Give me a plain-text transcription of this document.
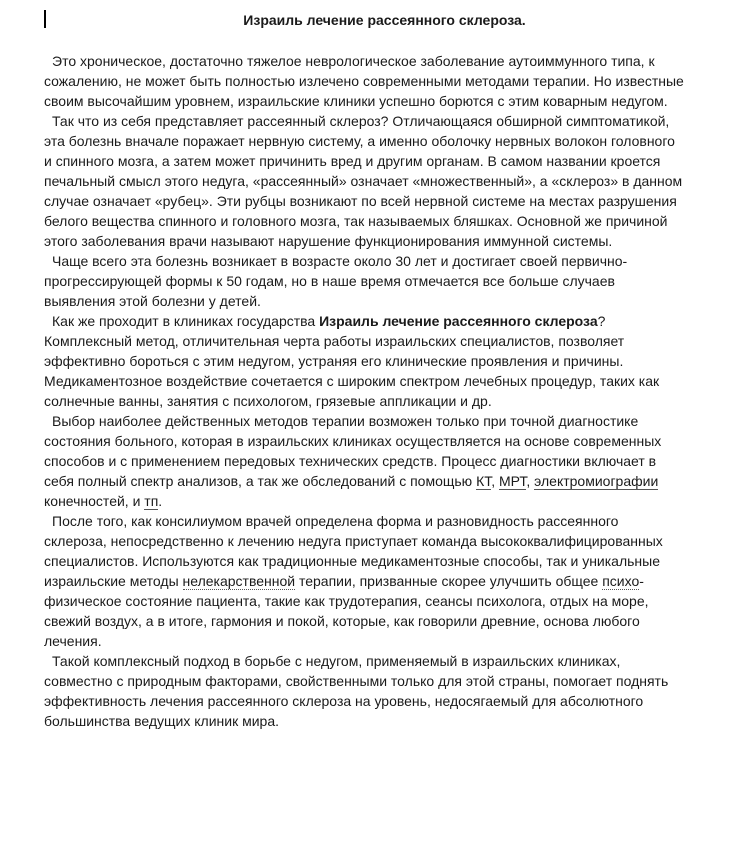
Израиль лечение рассеянного склероза.

Это хроническое, достаточно тяжелое неврологическое заболевание аутоиммунного типа, к сожалению, не может быть полностью излечено современными методами терапии. Но известные своим высочайшим уровнем, израильские клиники успешно борются с этим коварным недугом.

Так что из себя представляет рассеянный склероз? Отличающаяся обширной симптоматикой, эта болезнь вначале поражает нервную систему, а именно оболочку нервных волокон головного и спинного мозга, а затем может причинить вред и другим органам. В самом названии кроется печальный смысл этого недуга, «рассеянный» означает «множественный», а «склероз» в данном случае означает «рубец». Эти рубцы возникают по всей нервной системе на местах разрушения белого вещества спинного и головного мозга, так называемых бляшках. Основной же причиной этого заболевания врачи называют нарушение функционирования иммунной системы.

Чаще всего эта болезнь возникает в возрасте около 30 лет и достигает своей первично-прогрессирующей формы к 50 годам, но в наше время отмечается все больше случаев выявления этой болезни у детей.

Как же проходит в клиниках государства Израиль лечение рассеянного склероза? Комплексный метод, отличительная черта работы израильских специалистов, позволяет эффективно бороться с этим недугом, устраняя его клинические проявления и причины. Медикаментозное воздействие сочетается с широким спектром лечебных процедур, таких как солнечные ванны, занятия с психологом, грязевые аппликации и др.

Выбор наиболее действенных методов терапии возможен только при точной диагностике состояния больного, которая в израильских клиниках осуществляется на основе современных способов и с применением передовых технических средств. Процесс диагностики включает в себя полный спектр анализов, а так же обследований с помощью КТ, МРТ, электромиографии конечностей, и тп.

После того, как консилиумом врачей определена форма и разновидность рассеянного склероза, непосредственно к лечению недуга приступает команда высококвалифицированных специалистов. Используются как традиционные медикаментозные способы, так и уникальные израильские методы нелекарственной терапии, призванные скорее улучшить общее психо-физическое состояние пациента, такие как трудотерапия, сеансы психолога, отдых на море, свежий воздух, а в итоге, гармония и покой, которые, как говорили древние, основа любого лечения.

Такой комплексный подход в борьбе с недугом, применяемый в израильских клиниках, совместно с природным факторами, свойственными только для этой страны, помогает поднять эффективность лечения рассеянного склероза на уровень, недосягаемый для абсолютного большинства ведущих клиник мира.
